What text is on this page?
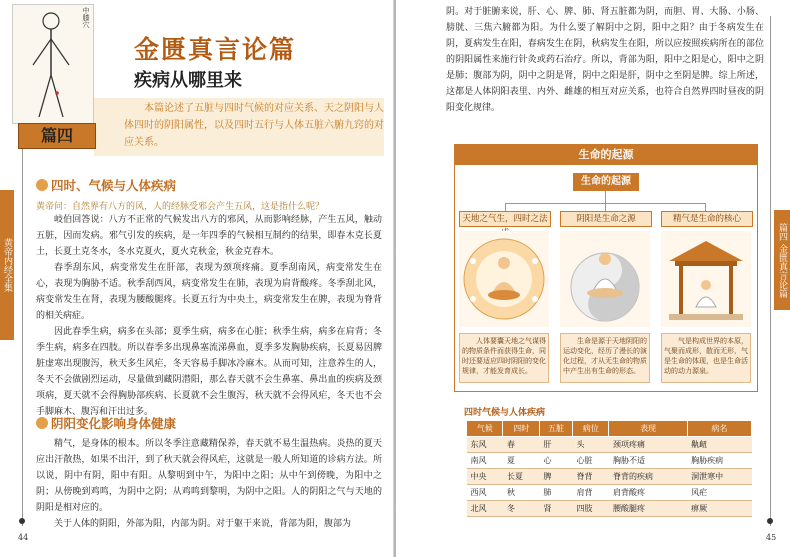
中膝穴
金匮真言论篇
疾病从哪里来
本篇论述了五脏与四时气候的对应关系、天之阴阳与人体四时的阴阳属性，以及四时五行与人体五脏六腑九窍的对应关系。
篇四
黄帝内经全集
四时、气候与人体疾病
黄帝问：自然界有八方的风，人的经脉受邪会产生五风，这是指什么呢？

岐伯回答说：八方不正常的气候发出八方的邪风，从而影响经脉，产生五风，触动五脏，因而发病。邪气引发的疾病，是一年四季的气候相互制约的结果，即春木克长夏土，长夏土克冬水，冬水克夏火，夏火克秋金，秋金克春木。

春季刮东风，病变常发生在肝部，表现为颈项疼痛。夏季刮南风，病变常发生在心，表现为胸胁不适。秋季刮西风，病变常发生在肺，表现为肩背酸疼。冬季刮北风，病变常发生在肾，表现为腰酸腿疼。长夏五行为中央土，病变常发生在脾，表现为脊背的相关病症。

因此春季生病，病多在头部；夏季生病，病多在心脏；秋季生病，病多在肩背；冬季生病，病多在四肢。所以春季多出现鼻塞流涕鼻血，夏季多发胸胁疾病，长夏易因脾脏虚寒出现腹泻，秋天多生风疟，冬天容易手脚冰冷麻木。从而可知，注意养生的人，冬天不会做剧烈运动，尽量做到藏阴潜阳，那么春天就不会生鼻塞、鼻出血的疾病及颈项病，夏天就不会得胸胁部疾病、长夏就不会生腹泻，秋天就不会得风疟，冬天也不会手脚麻木、腹泻和汗出过多。

阴阳变化影响身体健康

精气，是身体的根本。所以冬季注意藏精保养，春天就不易生温热病。炎热的夏天应出汗散热，如果不出汗，到了秋天就会得风疟，这就是一般人所知道的诊病方法。所以说，阴中有阴，阳中有阳。从黎明到中午，为阳中之阳；从中午到傍晚，为阳中之阴；从傍晚到鸡鸣，为阴中之阴；从鸡鸣到黎明，为阴中之阳。人的阴阳之气与天地的阴阳是相对应的。

关于人体的阴阳，外部为阳，内部为阴。对于躯干来说，背部为阳，腹部为

44

阴。对于脏腑来说，肝、心、脾、肺、肾五脏都为阴，而胆、胃、大肠、小肠、膀胱、三焦六腑都为阳。为什么要了解阴中之阴，阳中之阳？由于冬病发生在阴，夏病发生在阳，春病发生在阴，秋病发生在阳，所以应按照疾病所在的部位的阴阳属性来施行针灸或药石治疗。所以，背部为阳，阳中之阳是心，阳中之阴是肺；腹部为阴，阴中之阴是肾，阴中之阳是肝，阴中之至阴是脾。综上所述，这都是人体阴阳表里、内外、雌雄的相互对应关系，也符合自然界四时昼夜的阴阳变化规律。

生命的起源
生命的起源
天地之气生，四时之法	阴阳是生命之源	精气是生命的核心
人体要囊天地之气谋得的物质条件而获得生命，同时还要适应四时阴阳的变化规律，才能发育成长。
生命是源于天地阴阳的运动变化，经历了漫长的演化过程，才从无生命的物质中产生出有生命的形态。
气是构成世界的本原，气聚而成形，散而无形，气是生命的体现，也是生命活动的动力源泉。
四时气候与人体疾病
气候	四时	五脏	病位	表现	病名
东风	春	肝	头	颈项疼痛	鼽衄
南风	夏	心	心脏	胸胁不适	胸胁疾病
中央	长夏	脾	脊背	脊背的疾病	洞泄寒中
西风	秋	肺	肩背	肩背酸疼	风疟
北风	冬	肾	四肢	腰酸腿疼	痹厥
篇四 金匮真言论篇
45
